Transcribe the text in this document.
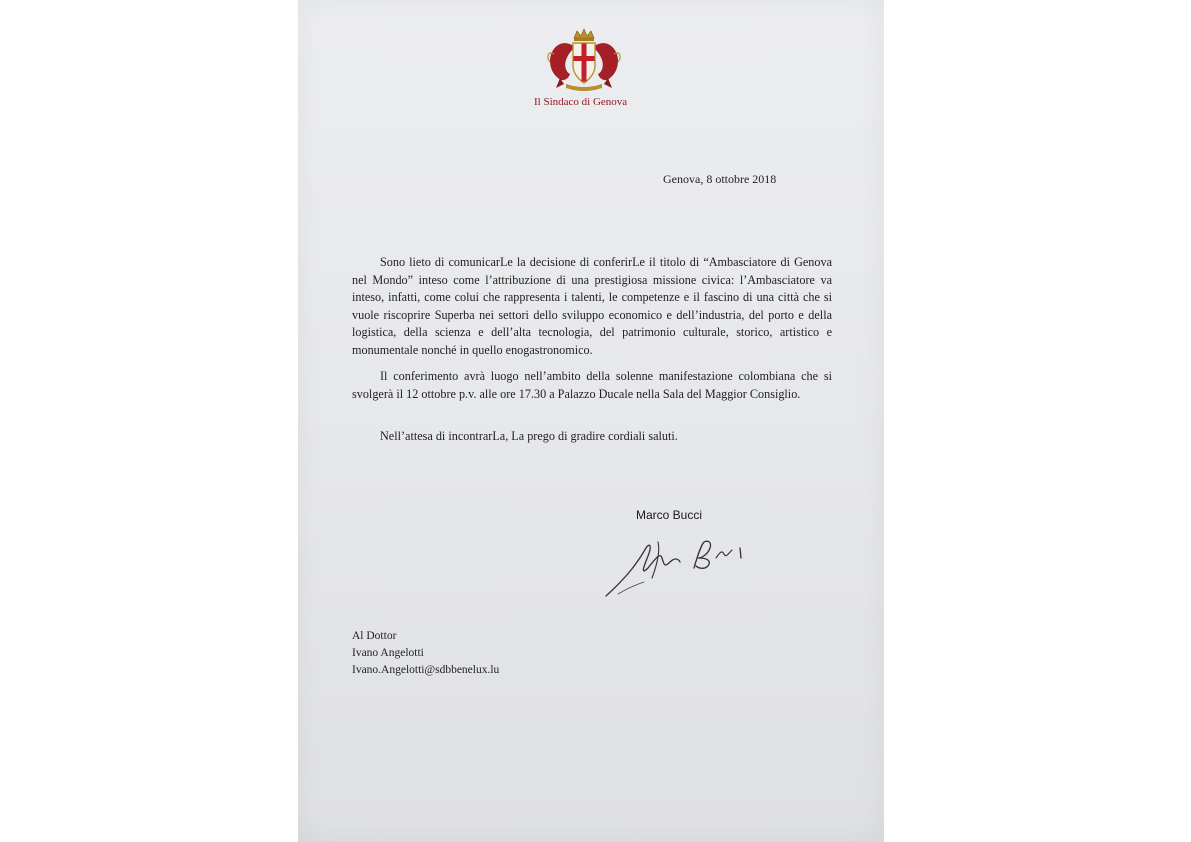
Il Sindaco di Genova
Genova, 8 ottobre 2018

Sono lieto di comunicarLe la decisione di conferirLe il titolo di “Ambasciatore di Genova nel Mondo” inteso come l’attribuzione di una prestigiosa missione civica: l’Ambasciatore va inteso, infatti, come colui che rappresenta i talenti, le competenze e il fascino di una città che si vuole riscoprire Superba nei settori dello sviluppo economico e dell’industria, del porto e della logistica, della scienza e dell’alta tecnologia, del patrimonio culturale, storico, artistico e monumentale nonché in quello enogastronomico.

Il conferimento avrà luogo nell’ambito della solenne manifestazione colombiana che si svolgerà il 12 ottobre p.v. alle ore 17.30 a Palazzo Ducale nella Sala del Maggior Consiglio.

Nell’attesa di incontrarLa, La prego di gradire cordiali saluti.

Marco Bucci
Al Dottor
Ivano Angelotti
Ivano.Angelotti@sdbbenelux.lu
